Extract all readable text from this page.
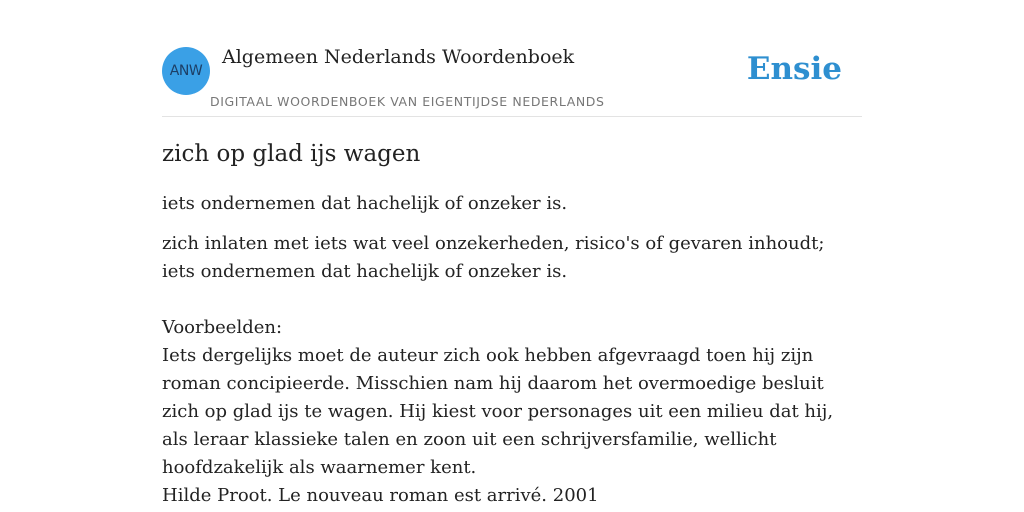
ANW
Algemeen Nederlands Woordenboek
DIGITAAL WOORDENBOEK VAN EIGENTIJDSE NEDERLANDS
Ensie
zich op glad ijs wagen

iets ondernemen dat hachelijk of onzeker is.

zich inlaten met iets wat veel onzekerheden, risico's of gevaren inhoudt; iets ondernemen dat hachelijk of onzeker is.

Voorbeelden:
Iets dergelijks moet de auteur zich ook hebben afgevraagd toen hij zijn roman concipieerde. Misschien nam hij daarom het overmoedige besluit zich op glad ijs te wagen. Hij kiest voor personages uit een milieu dat hij, als leraar klassieke talen en zoon uit een schrijversfamilie, wellicht hoofdzakelijk als waarnemer kent.
Hilde Proot. Le nouveau roman est arrivé. 2001
